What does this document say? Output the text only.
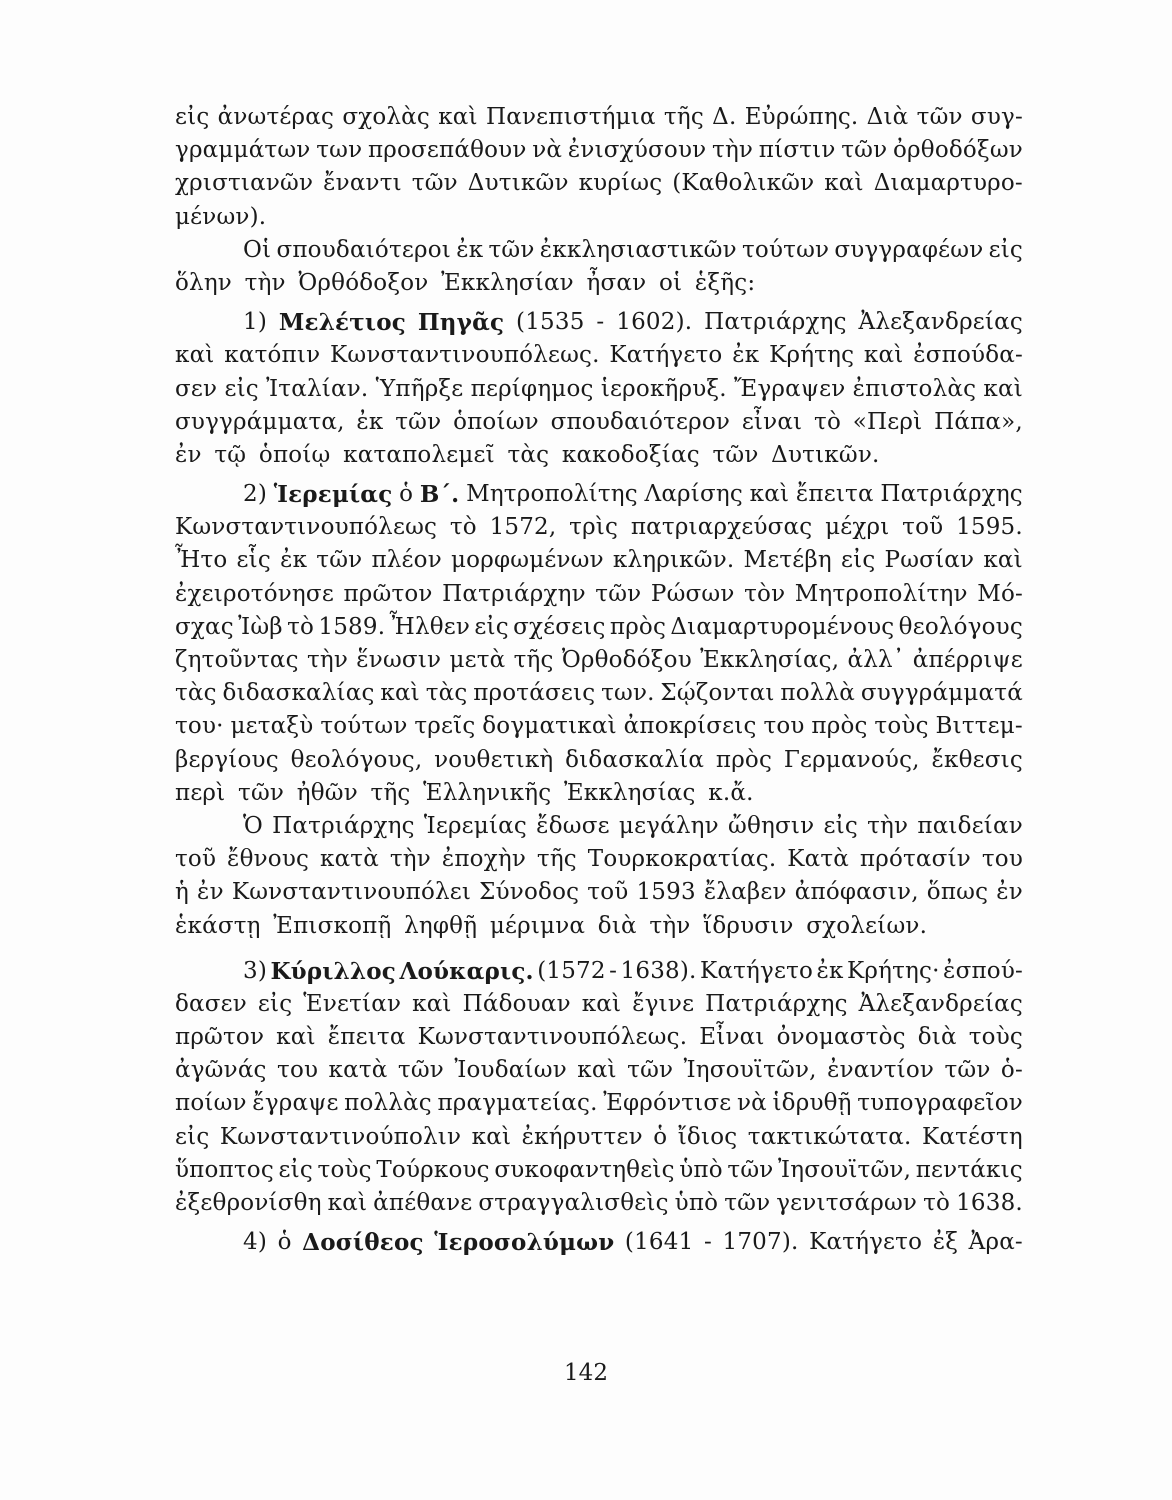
εἰς ἀνωτέρας σχολὰς καὶ Πανεπιστήμια τῆς Δ. Εὐρώπης. Διὰ τῶν συγ-
γραμμάτων των προσεπάθουν νὰ ἐνισχύσουν τὴν πίστιν τῶν ὀρθοδόξων
χριστιανῶν ἔναντι τῶν Δυτικῶν κυρίως (Καθολικῶν καὶ Διαμαρτυρο-
μένων).
Οἱ σπουδαιότεροι ἐκ τῶν ἐκκλησιαστικῶν τούτων συγγραφέων εἰς
ὅλην τὴν Ὀρθόδοξον Ἐκκλησίαν ἦσαν οἱ ἑξῆς:
1) Μελέτιος Πηγᾶς (1535 - 1602). Πατριάρχης Ἀλεξανδρείας
καὶ κατόπιν Κωνσταντινουπόλεως. Κατήγετο ἐκ Κρήτης καὶ ἐσπούδα-
σεν εἰς Ἰταλίαν. Ὑπῆρξε περίφημος ἱεροκῆρυξ. Ἔγραψεν ἐπιστολὰς καὶ
συγγράμματα, ἐκ τῶν ὁποίων σπουδαιότερον εἶναι τὸ «Περὶ Πάπα»,
ἐν τῷ ὁποίῳ καταπολεμεῖ τὰς κακοδοξίας τῶν Δυτικῶν.
2) Ἱερεμίας ὁ Β΄. Μητροπολίτης Λαρίσης καὶ ἔπειτα Πατριάρχης
Κωνσταντινουπόλεως τὸ 1572, τρὶς πατριαρχεύσας μέχρι τοῦ 1595.
Ἦτο εἷς ἐκ τῶν πλέον μορφωμένων κληρικῶν. Μετέβη εἰς Ρωσίαν καὶ
ἐχειροτόνησε πρῶτον Πατριάρχην τῶν Ρώσων τὸν Μητροπολίτην Μό-
σχας Ἰὼβ τὸ 1589. Ἦλθεν εἰς σχέσεις πρὸς Διαμαρτυρομένους θεολόγους
ζητοῦντας τὴν ἕνωσιν μετὰ τῆς Ὀρθοδόξου Ἐκκλησίας, ἀλλ᾿ ἀπέρριψε
τὰς διδασκαλίας καὶ τὰς προτάσεις των. Σῴζονται πολλὰ συγγράμματά
του· μεταξὺ τούτων τρεῖς δογματικαὶ ἀποκρίσεις του πρὸς τοὺς Βιττεμ-
βεργίους θεολόγους, νουθετικὴ διδασκαλία πρὸς Γερμανούς, ἔκθεσις
περὶ τῶν ἠθῶν τῆς Ἑλληνικῆς Ἐκκλησίας κ.ἄ.
Ὁ Πατριάρχης Ἱερεμίας ἔδωσε μεγάλην ὤθησιν εἰς τὴν παιδείαν
τοῦ ἔθνους κατὰ τὴν ἐποχὴν τῆς Τουρκοκρατίας. Κατὰ πρότασίν του
ἡ ἐν Κωνσταντινουπόλει Σύνοδος τοῦ 1593 ἔλαβεν ἀπόφασιν, ὅπως ἐν
ἑκάστῃ Ἐπισκοπῇ ληφθῇ μέριμνα διὰ τὴν ἵδρυσιν σχολείων.
3) Κύριλλος Λούκαρις. (1572 - 1638). Κατήγετο ἐκ Κρήτης· ἐσπού-
δασεν εἰς Ἑνετίαν καὶ Πάδουαν καὶ ἔγινε Πατριάρχης Ἀλεξανδρείας
πρῶτον καὶ ἔπειτα Κωνσταντινουπόλεως. Εἶναι ὀνομαστὸς διὰ τοὺς
ἀγῶνάς του κατὰ τῶν Ἰουδαίων καὶ τῶν Ἰησουϊτῶν, ἐναντίον τῶν ὁ-
ποίων ἔγραψε πολλὰς πραγματείας. Ἐφρόντισε νὰ ἱδρυθῇ τυπογραφεῖον
εἰς Κωνσταντινούπολιν καὶ ἐκήρυττεν ὁ ἴδιος τακτικώτατα. Κατέστη
ὕποπτος εἰς τοὺς Τούρκους συκοφαντηθεὶς ὑπὸ τῶν Ἰησουϊτῶν, πεντάκις
ἐξεθρονίσθη καὶ ἀπέθανε στραγγαλισθεὶς ὑπὸ τῶν γενιτσάρων τὸ 1638.
4) ὁ Δοσίθεος Ἱεροσολύμων (1641 - 1707). Κατήγετο ἐξ Ἀρα-
142
